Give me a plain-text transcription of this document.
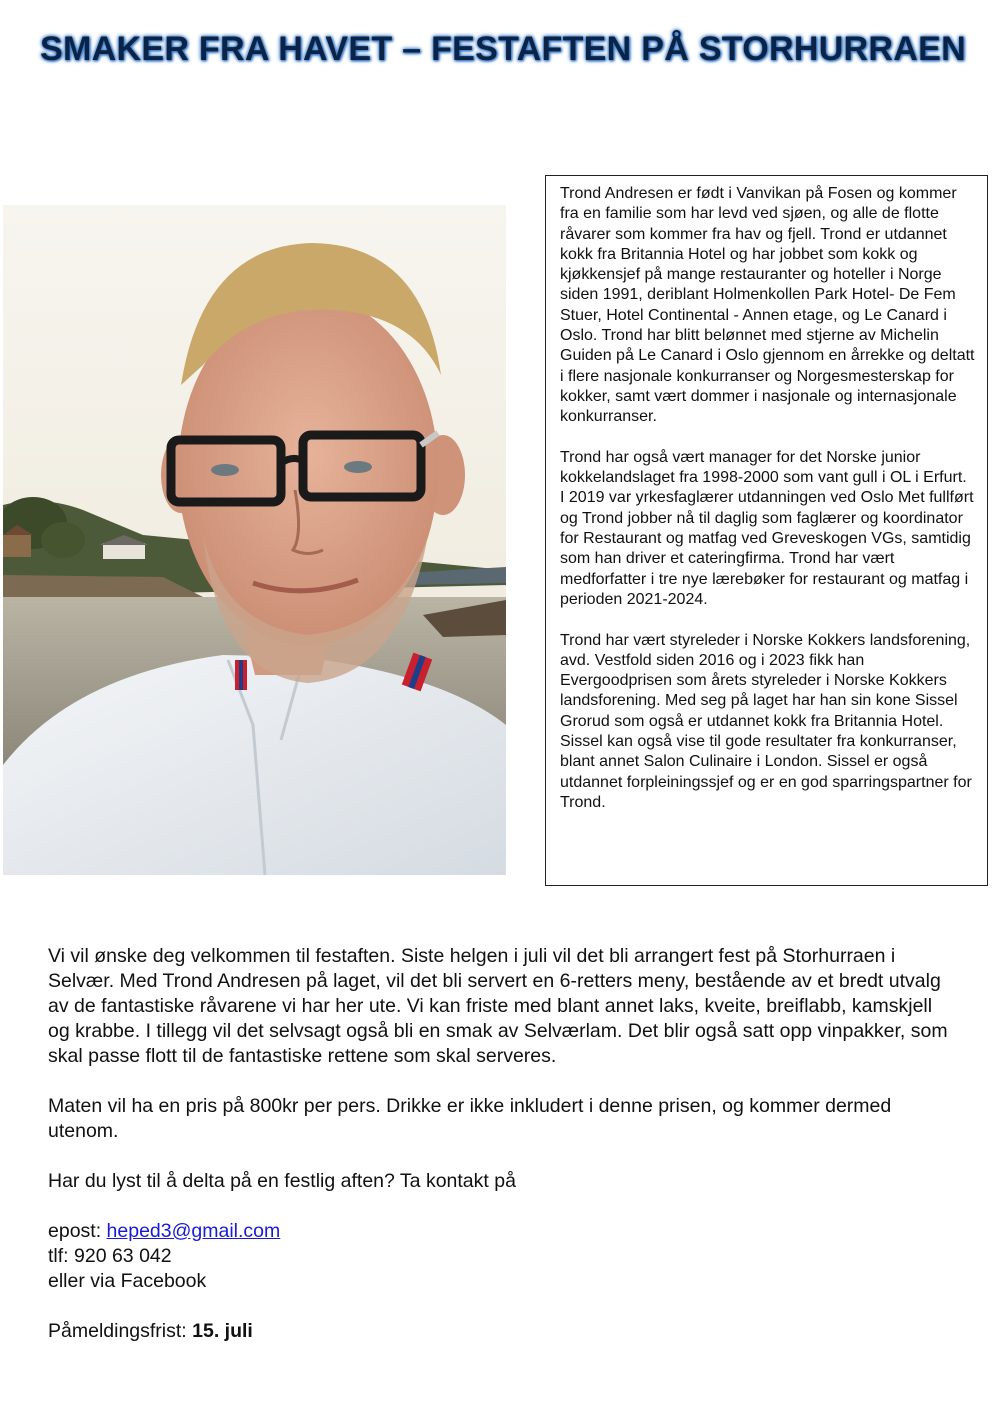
SMAKER FRA HAVET – FESTAFTEN PÅ STORHURRAEN

Trond Andresen er født i Vanvikan på Fosen og kommer fra en familie som har levd ved sjøen, og alle de flotte råvarer som kommer fra hav og fjell. Trond er utdannet kokk fra Britannia Hotel og har jobbet som kokk og kjøkkensjef på mange restauranter og hoteller i Norge siden 1991, deriblant Holmenkollen Park Hotel- De Fem Stuer, Hotel Continental - Annen etage, og Le Canard i Oslo. Trond har blitt belønnet med stjerne av Michelin Guiden på Le Canard i Oslo gjennom en årrekke og deltatt i flere nasjonale konkurranser og Norgesmesterskap for kokker, samt vært dommer i nasjonale og internasjonale konkurranser.

Trond har også vært manager for det Norske junior kokkelandslaget fra 1998-2000 som vant gull i OL i Erfurt. I 2019 var yrkesfaglærer utdanningen ved Oslo Met fullført og Trond jobber nå til daglig som faglærer og koordinator for Restaurant og matfag ved Greveskogen VGs, samtidig som han driver et cateringfirma. Trond har vært medforfatter i tre nye lærebøker for restaurant og matfag i perioden 2021-2024.

Trond har vært styreleder i Norske Kokkers landsforening, avd. Vestfold siden 2016 og i 2023 fikk han Evergoodprisen som årets styreleder i Norske Kokkers landsforening. Med seg på laget har han sin kone Sissel Grorud som også er utdannet kokk fra Britannia Hotel. Sissel kan også vise til gode resultater fra konkurranser, blant annet Salon Culinaire i London. Sissel er også utdannet forpleiningssjef og er en god sparringspartner for Trond.

Vi vil ønske deg velkommen til festaften. Siste helgen i juli vil det bli arrangert fest på Storhurraen i Selvær. Med Trond Andresen på laget, vil det bli servert en 6-retters meny, bestående av et bredt utvalg av de fantastiske råvarene vi har her ute. Vi kan friste med blant annet laks, kveite, breiflabb, kamskjell og krabbe. I tillegg vil det selvsagt også bli en smak av Selværlam. Det blir også satt opp vinpakker, som skal passe flott til de fantastiske rettene som skal serveres.

Maten vil ha en pris på 800kr per pers. Drikke er ikke inkludert i denne prisen, og kommer dermed utenom.

Har du lyst til å delta på en festlig aften? Ta kontakt på

epost: heped3@gmail.com
tlf: 920 63 042
eller via Facebook

Påmeldingsfrist: 15. juli
